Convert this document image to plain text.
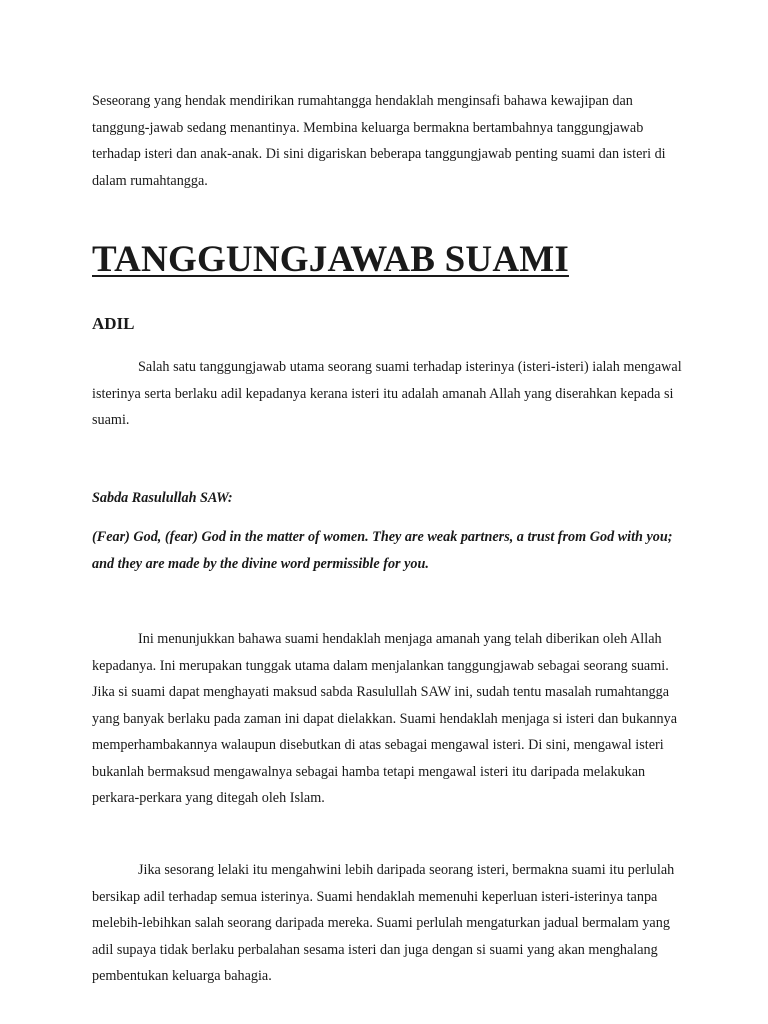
Seseorang yang hendak mendirikan rumahtangga hendaklah menginsafi bahawa kewajipan dan tanggung-jawab sedang menantinya. Membina keluarga bermakna bertambahnya tanggungjawab terhadap isteri dan anak-anak. Di sini digariskan beberapa tanggungjawab penting suami dan isteri di dalam rumahtangga.

TANGGUNGJAWAB SUAMI
ADIL

Salah satu tanggungjawab utama seorang suami terhadap isterinya (isteri-isteri) ialah mengawal isterinya serta berlaku adil kepadanya kerana isteri itu adalah amanah Allah yang diserahkan kepada si suami.

Sabda Rasulullah SAW:

(Fear) God, (fear) God in the matter of women. They are weak partners, a trust from God with you; and they are made by the divine word permissible for you.

Ini menunjukkan bahawa suami hendaklah menjaga amanah yang telah diberikan oleh Allah kepadanya. Ini merupakan tunggak utama dalam menjalankan tanggungjawab sebagai seorang suami. Jika si suami dapat menghayati maksud sabda Rasulullah SAW ini, sudah tentu masalah rumahtangga yang banyak berlaku pada zaman ini dapat dielakkan. Suami hendaklah menjaga si isteri dan bukannya memperhambakannya walaupun disebutkan di atas sebagai mengawal isteri. Di sini, mengawal isteri bukanlah bermaksud mengawalnya sebagai hamba tetapi mengawal isteri itu daripada melakukan perkara-perkara yang ditegah oleh Islam.

Jika sesorang lelaki itu mengahwini lebih daripada seorang isteri, bermakna suami itu perlulah bersikap adil terhadap semua isterinya. Suami hendaklah memenuhi keperluan isteri-isterinya tanpa melebih-lebihkan salah seorang daripada mereka. Suami perlulah mengaturkan jadual bermalam yang adil supaya tidak berlaku perbalahan sesama isteri dan juga dengan si suami yang akan menghalang pembentukan keluarga bahagia.
